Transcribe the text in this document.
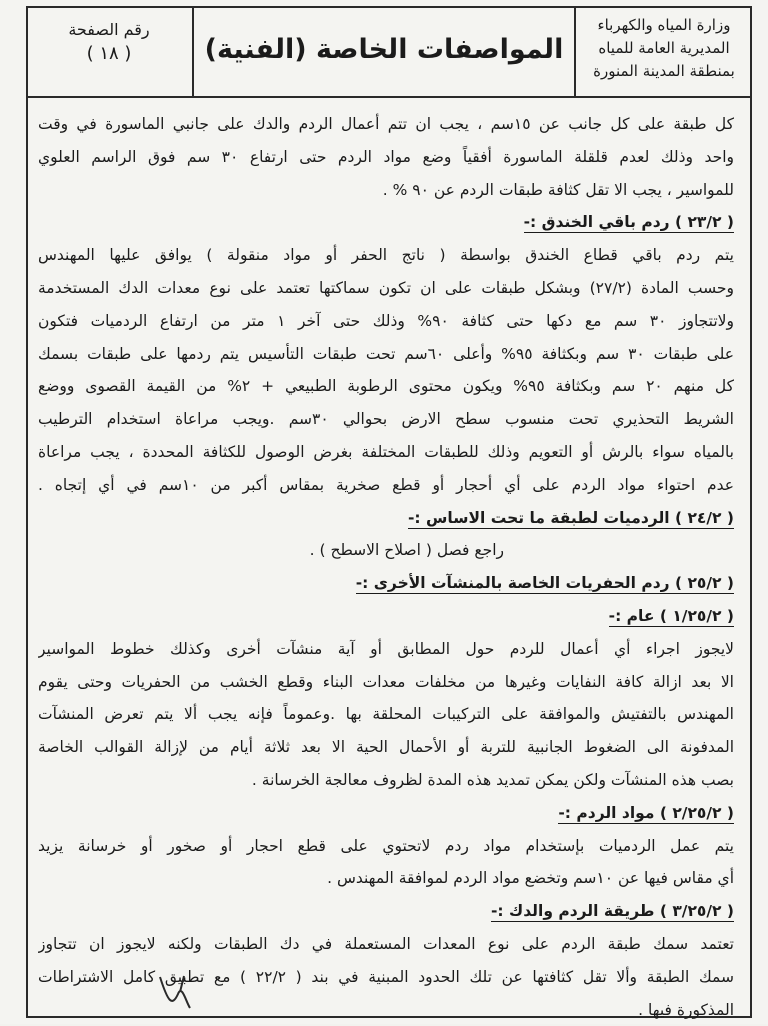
وزارة المياه والكهرباء
المديرية العامة للمياه
بمنطقة المدينة المنورة
المواصفات الخاصة (الفنية)
رقم الصفحة
( ١٨ )
كل طبقة على كل جانب عن ١٥سم ، يجب ان تتم أعمال الردم والدك على جانبي الماسورة في وقت
واحد وذلك لعدم قلقلة الماسورة أفقياً وضع مواد الردم حتى ارتفاع ٣٠ سم فوق الراسم العلوي
للمواسير ، يجب الا تقل كثافة طبقات الردم عن ٩٠ % .
( ٢٣/٢ ) ردم باقي الخندق :-
يتم ردم باقي قطاع الخندق بواسطة ( ناتج الحفر أو مواد منقولة ) يوافق عليها المهندس
وحسب المادة (٢٧/٢) وبشكل طبقات على ان تكون سماكتها تعتمد على نوع معدات الدك المستخدمة
ولاتتجاوز ٣٠ سم مع دكها حتى كثافة ٩٠% وذلك حتى آخر ١ متر من ارتفاع الردميات فتكون
على طبقات ٣٠ سم وبكثافة ٩٥% وأعلى ٦٠سم تحت طبقات التأسيس يتم ردمها على طبقات بسمك
كل منهم ٢٠ سم وبكثافة ٩٥% ويكون محتوى الرطوبة الطبيعي + ٢% من القيمة القصوى ووضع
الشريط التحذيري تحت منسوب سطح الارض بحوالي ٣٠سم .ويجب مراعاة استخدام الترطيب
بالمياه سواء بالرش أو التعويم وذلك للطبقات المختلفة بغرض الوصول للكثافة المحددة ، يجب مراعاة
عدم احتواء مواد الردم على أي أحجار أو قطع صخرية بمقاس أكبر من ١٠سم في أي إتجاه .
( ٢٤/٢ ) الردميات لطبقة ما تحت الاساس :-
راجع فصل ( اصلاح الاسطح ) .
( ٢٥/٢ ) ردم الحفريات الخاصة بالمنشآت الأخرى :-
( ١/٢٥/٢ ) عام :-
لايجوز اجراء أي أعمال للردم حول المطابق أو آية منشآت أخرى وكذلك خطوط المواسير
الا بعد ازالة كافة النفايات وغيرها من مخلفات معدات البناء وقطع الخشب من الحفريات وحتى يقوم
المهندس بالتفتيش والموافقة على التركيبات المحلقة بها .وعموماً فإنه يجب ألا يتم تعرض المنشآت
المدفونة الى الضغوط الجانبية للتربة أو الأحمال الحية الا بعد ثلاثة أيام من لإزالة القوالب الخاصة
بصب هذه المنشآت ولكن يمكن تمديد هذه المدة لظروف معالجة الخرسانة .
( ٢/٢٥/٢ ) مواد الردم :-
يتم عمل الردميات بإستخدام مواد ردم لاتحتوي على قطع احجار أو صخور أو خرسانة يزيد
أي مقاس فيها عن ١٠سم وتخضع مواد الردم لموافقة المهندس .
( ٣/٢٥/٢ ) طريقة الردم والدك :-
تعتمد سمك طبقة الردم على نوع المعدات المستعملة في دك الطبقات ولكنه لايجوز ان تتجاوز
سمك الطبقة وألا تقل كثافتها عن تلك الحدود المبنية في بند ( ٢٢/٢ ) مع تطبيق كامل الاشتراطات
المذكورة فيها .
